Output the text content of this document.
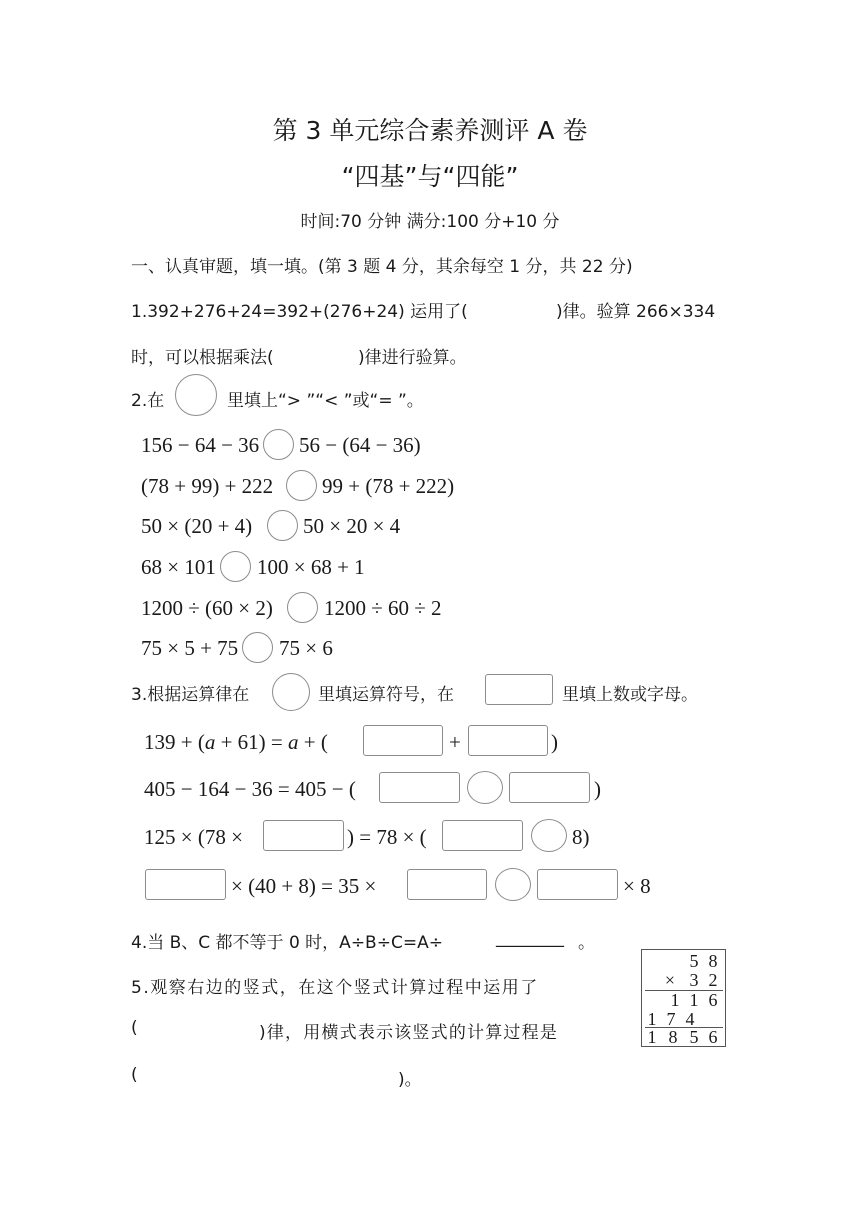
第 3 单元综合素养测评 A 卷
“四基”与“四能”
时间:70 分钟 满分:100 分+10 分
一、认真审题，填一填。(第 3 题 4 分，其余每空 1 分，共 22 分)
1.392+276+24=392+(276+24) 运用了(	)律。验算 266×334
时，可以根据乘法(	)律进行验算。
2.在	里填上“> ”“< ”或“= ”。
156 − 64 − 36 56 − (64 − 36)
(78 + 99) + 222 99 + (78 + 222)
50 × (20 + 4) 50 × 20 × 4
68 × 101 100 × 68 + 1
1200 ÷ (60 × 2) 1200 ÷ 60 ÷ 2
75 × 5 + 75 75 × 6
3.根据运算律在	里填运算符号，在	里填上数或字母。
139 + (a + 61) = a + (	+	)
405 − 164 − 36 = 405 − (	)
125 × (78 ×	) = 78 × (	8)
× (40 + 8) = 35 ×	× 8
4.当 B、C 都不等于 0 时，A÷B÷C=A÷	________ 。
5.观察右边的竖式，在这个竖式计算过程中运用了
(	)律，用横式表示该竖式的计算过程是
(	)。
5 8
× 3 2
1 1 6
1 7 4
1 8 5 6
